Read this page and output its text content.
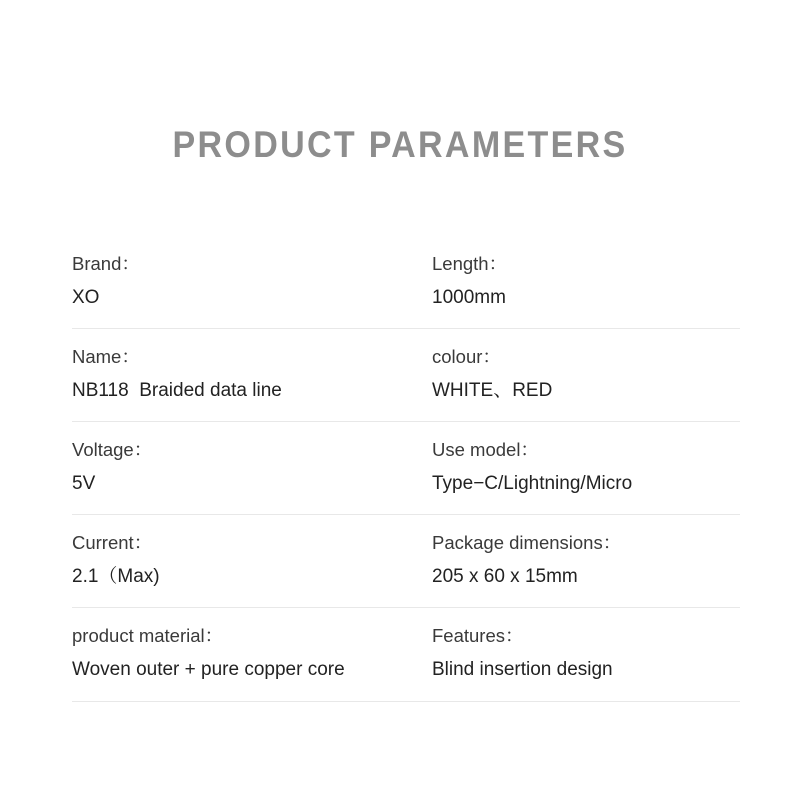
PRODUCT PARAMETERS
Brand：
XO
Length：
1000mm
Name：
NB118  Braided data line
colour：
WHITE、RED
Voltage：
5V
Use model：
Type−C/Lightning/Micro
Current：
2.1（Max)
Package dimensions：
205 x 60 x 15mm
product material：
Woven outer + pure copper core
Features：
Blind insertion design
